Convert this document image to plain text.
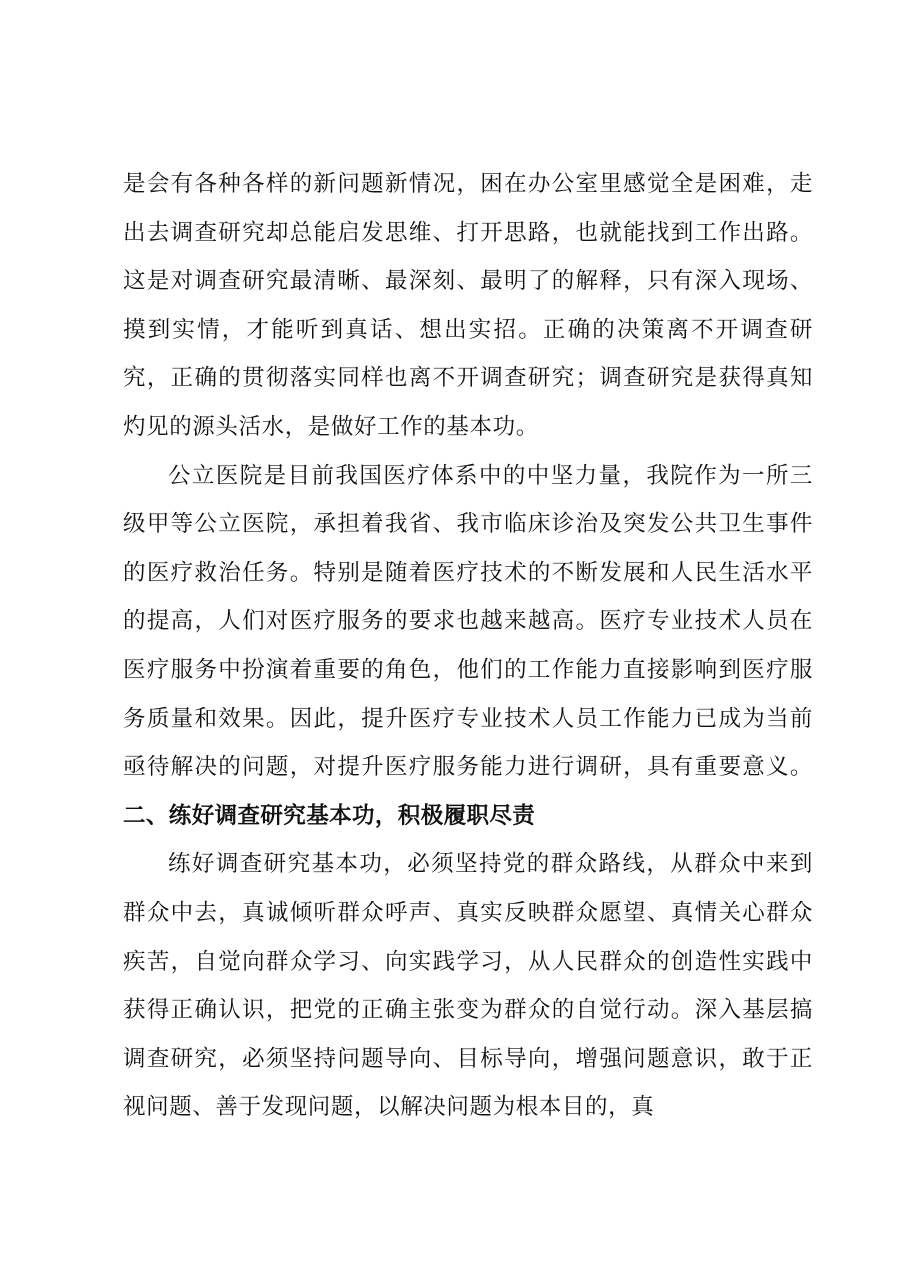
是会有各种各样的新问题新情况，困在办公室里感觉全是困难，走出去调查研究却总能启发思维、打开思路，也就能找到工作出路。这是对调查研究最清晰、最深刻、最明了的解释，只有深入现场、摸到实情，才能听到真话、想出实招。正确的决策离不开调查研究，正确的贯彻落实同样也离不开调查研究；调查研究是获得真知灼见的源头活水，是做好工作的基本功。

公立医院是目前我国医疗体系中的中坚力量，我院作为一所三级甲等公立医院，承担着我省、我市临床诊治及突发公共卫生事件的医疗救治任务。特别是随着医疗技术的不断发展和人民生活水平的提高，人们对医疗服务的要求也越来越高。医疗专业技术人员在医疗服务中扮演着重要的角色，他们的工作能力直接影响到医疗服务质量和效果。因此，提升医疗专业技术人员工作能力已成为当前亟待解决的问题，对提升医疗服务能力进行调研，具有重要意义。二、练好调查研究基本功，积极履职尽责

练好调查研究基本功，必须坚持党的群众路线，从群众中来到群众中去，真诚倾听群众呼声、真实反映群众愿望、真情关心群众疾苦，自觉向群众学习、向实践学习，从人民群众的创造性实践中获得正确认识，把党的正确主张变为群众的自觉行动。深入基层搞调查研究，必须坚持问题导向、目标导向，增强问题意识，敢于正视问题、善于发现问题，以解决问题为根本目的，真
